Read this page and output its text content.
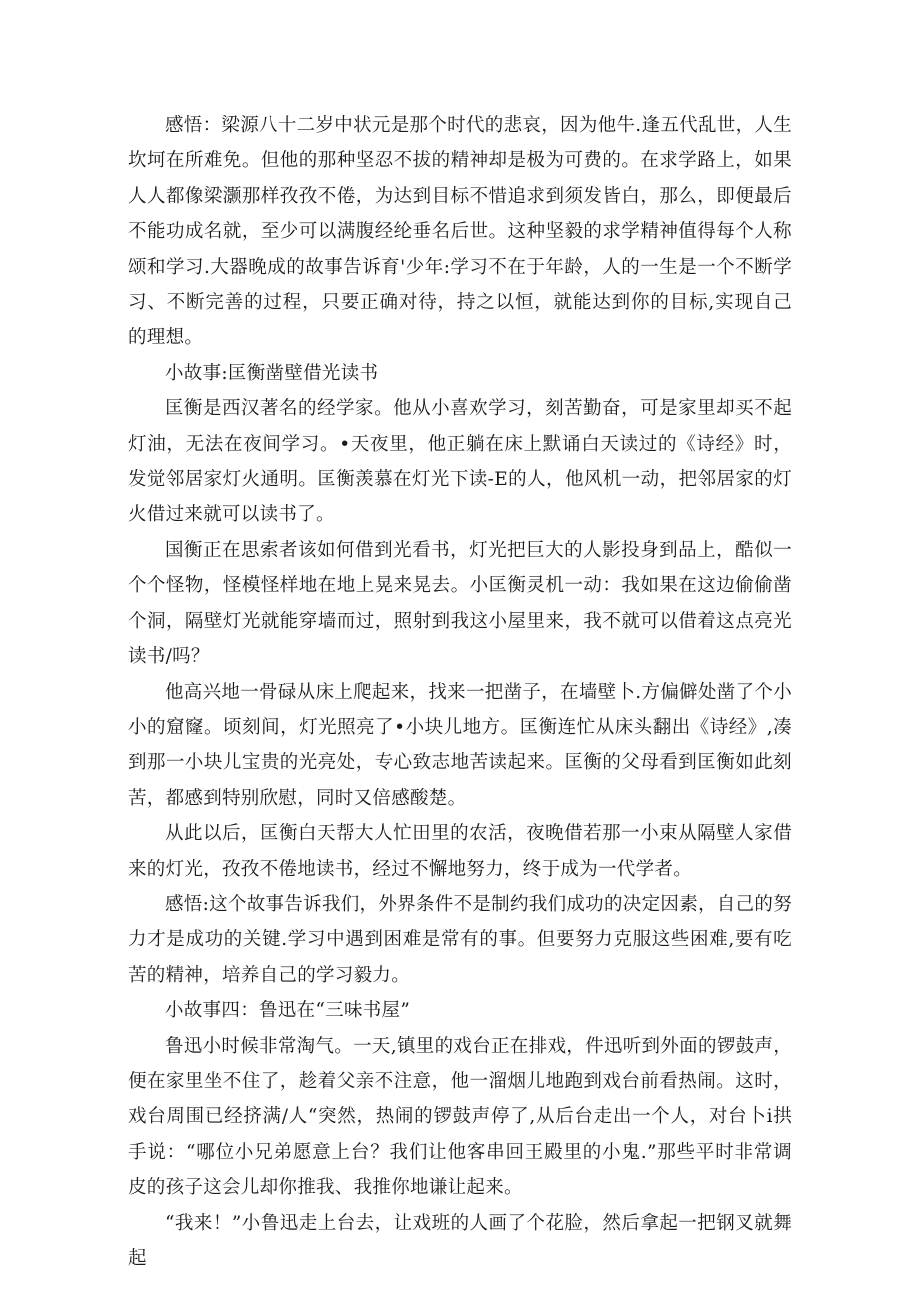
感悟：梁源八十二岁中状元是那个时代的悲哀，因为他牛.逢五代乱世，人生坎坷在所难免。但他的那种坚忍不拔的精神却是极为可费的。在求学路上，如果人人都像梁灏那样孜孜不倦，为达到目标不惜追求到须发皆白，那么，即便最后不能功成名就，至少可以满腹经纶垂名后世。这种坚毅的求学精神值得每个人称颂和学习.大器晚成的故事告诉育'少年:学习不在于年龄，人的一生是一个不断学习、不断完善的过程，只要正确对待，持之以恒，就能达到你的目标,实现自己的理想。

小故事:匡衡凿壁借光读书

匡衡是西汉著名的经学家。他从小喜欢学习，刻苦勤奋，可是家里却买不起灯油，无法在夜间学习。•天夜里，他正躺在床上默诵白天读过的《诗经》时，发觉邻居家灯火通明。匡衡羡慕在灯光下读-E的人，他风机一动，把邻居家的灯火借过来就可以读书了。

国衡正在思索者该如何借到光看书，灯光把巨大的人影投身到品上，酷似一个个怪物，怪模怪样地在地上晃来晃去。小匡衡灵机一动：我如果在这边偷偷凿个洞，隔壁灯光就能穿墙而过，照射到我这小屋里来，我不就可以借着这点亮光读书/吗？

他高兴地一骨碌从床上爬起来，找来一把凿子，在墙壁卜.方偏僻处凿了个小小的窟窿。顷刻间，灯光照亮了•小块儿地方。匡衡连忙从床头翻出《诗经》,凑到那一小块儿宝贵的光亮处，专心致志地苦读起来。匡衡的父母看到匡衡如此刻苦，都感到特别欣慰，同时又倍感酸楚。

从此以后，匡衡白天帮大人忙田里的农活，夜晚借若那一小束从隔壁人家借来的灯光，孜孜不倦地读书，经过不懈地努力，终于成为一代学者。

感悟:这个故事告诉我们，外界条件不是制约我们成功的决定因素，自己的努力才是成功的关键.学习中遇到困难是常有的事。但要努力克服这些困难,要有吃苦的精神，培养自己的学习毅力。

小故事四：鲁迅在“三味书屋”

鲁迅小时候非常淘气。一天,镇里的戏台正在排戏，件迅听到外面的锣鼓声，便在家里坐不住了，趁着父亲不注意，他一溜烟儿地跑到戏台前看热闹。这时，戏台周围已经挤满/人“突然，热闹的锣鼓声停了,从后台走出一个人，对台卜i拱手说：“哪位小兄弟愿意上台？我们让他客串回王殿里的小鬼.”那些平时非常调皮的孩子这会儿却你推我、我推你地谦让起来。

“我来！”小鲁迅走上台去，让戏班的人画了个花脸，然后拿起一把钢叉就舞起
